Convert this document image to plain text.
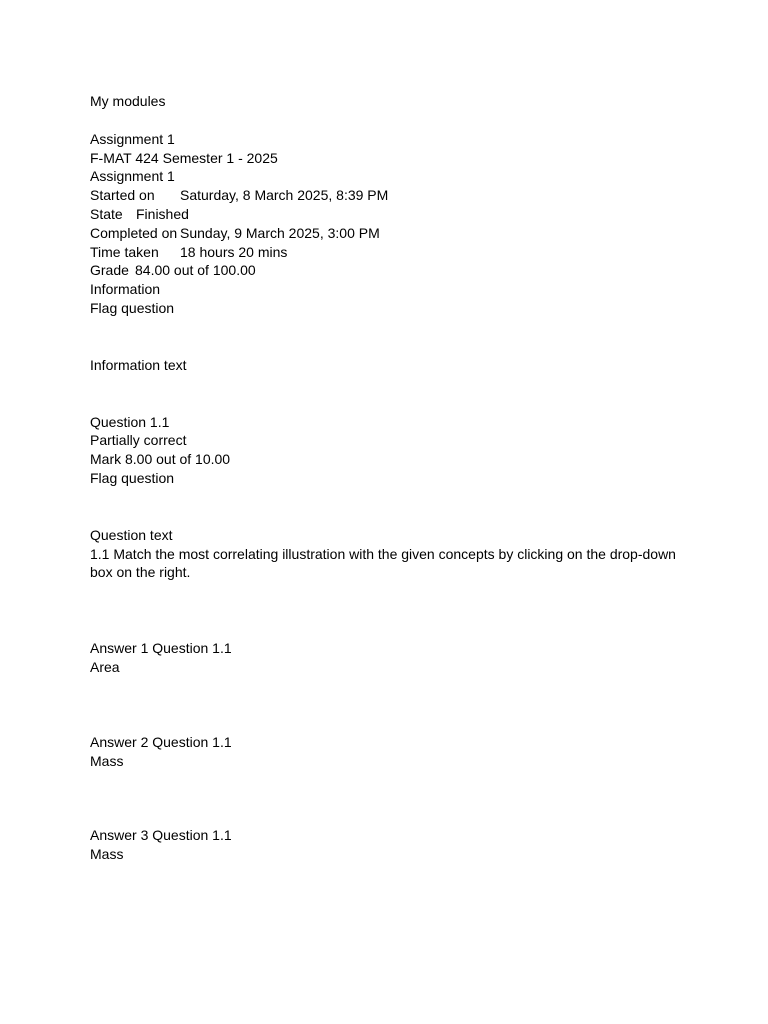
My modules
Assignment 1
F-MAT 424 Semester 1 - 2025
Assignment 1
Started on	Saturday, 8 March 2025, 8:39 PM
State Finished
Completed on Sunday, 9 March 2025, 3:00 PM
Time taken	18 hours 20 mins
Grade 84.00 out of 100.00
Information
Flag question
Information text
Question 1.1
Partially correct
Mark 8.00 out of 10.00
Flag question
Question text
1.1 Match the most correlating illustration with the given concepts by clicking on the drop-down box on the right.
Answer 1 Question 1.1
Area
Answer 2 Question 1.1
Mass
Answer 3 Question 1.1
Mass
